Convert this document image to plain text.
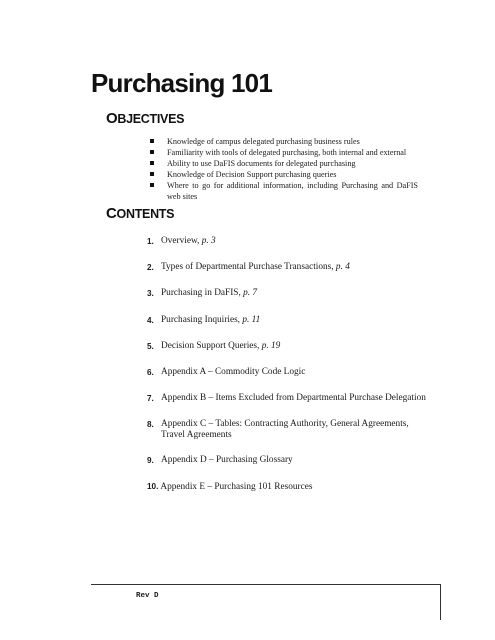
Purchasing 101
OBJECTIVES
Knowledge of campus delegated purchasing business rules
Familiarity with tools of delegated purchasing, both internal and external
Ability to use DaFIS documents for delegated purchasing
Knowledge of Decision Support purchasing queries
Where to go for additional information, including Purchasing and DaFIS web sites
CONTENTS
1. Overview, p. 3
2. Types of Departmental Purchase Transactions, p. 4
3. Purchasing in DaFIS, p. 7
4. Purchasing Inquiries, p. 11
5. Decision Support Queries, p. 19
6. Appendix A – Commodity Code Logic
7. Appendix B – Items Excluded from Departmental Purchase Delegation
8. Appendix C – Tables: Contracting Authority, General Agreements, Travel Agreements
9. Appendix D – Purchasing Glossary
10. Appendix E – Purchasing 101 Resources
Rev D
